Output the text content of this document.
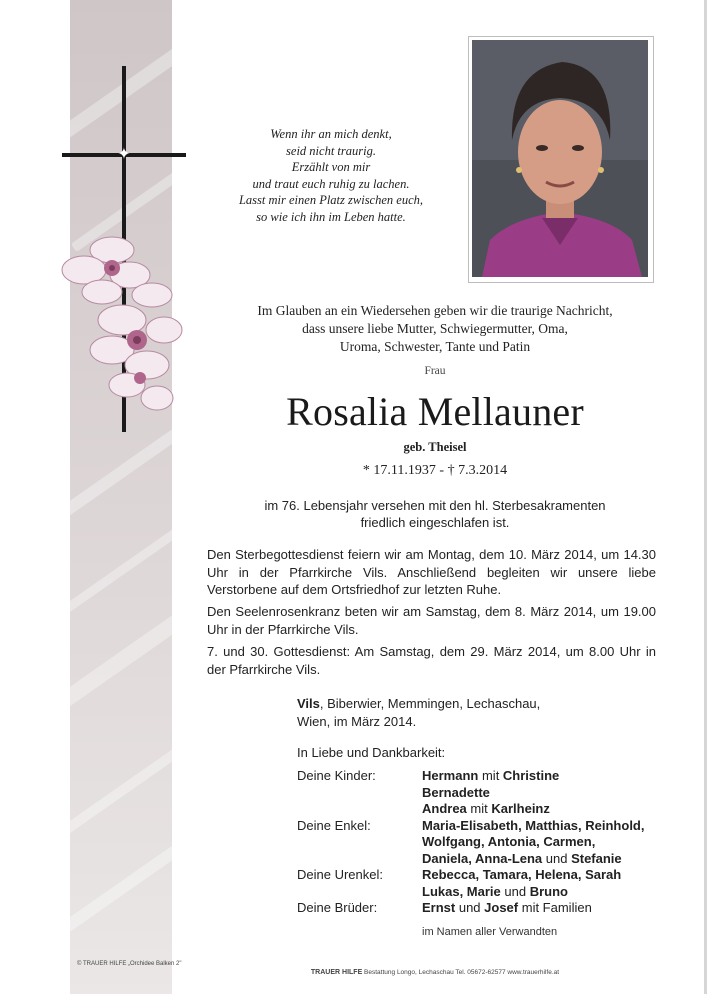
✦
Wenn ihr an mich denkt,
seid nicht traurig.
Erzählt von mir
und traut euch ruhig zu lachen.
Lasst mir einen Platz zwischen euch,
so wie ich ihn im Leben hatte.
Im Glauben an ein Wiedersehen geben wir die traurige Nachricht,
dass unsere liebe Mutter, Schwiegermutter, Oma,
Uroma, Schwester, Tante und Patin
Frau
Rosalia Mellauner
geb. Theisel
* 17.11.1937 - † 7.3.2014
im 76. Lebensjahr versehen mit den hl. Sterbesakramenten
friedlich eingeschlafen ist.
Den Sterbegottesdienst feiern wir am Montag, dem 10. März 2014, um 14.30 Uhr in der Pfarrkirche Vils. Anschließend begleiten wir unsere liebe Verstorbene auf dem Ortsfriedhof zur letzten Ruhe.
Den Seelenrosenkranz beten wir am Samstag, dem 8. März 2014, um 19.00 Uhr in der Pfarrkirche Vils.
7. und 30. Gottesdienst: Am Samstag, dem 29. März 2014, um 8.00 Uhr in der Pfarrkirche Vils.
Vils, Biberwier, Memmingen, Lechaschau,
Wien, im März 2014.
In Liebe und Dankbarkeit:
Deine Kinder:	Hermann mit Christine
Bernadette
Andrea mit Karlheinz
Deine Enkel:	Maria-Elisabeth, Matthias, Reinhold,
Wolfgang, Antonia, Carmen,
Daniela, Anna-Lena und Stefanie
Deine Urenkel:	Rebecca, Tamara, Helena, Sarah
Lukas, Marie und Bruno
Deine Brüder:	Ernst und Josef mit Familien
im Namen aller Verwandten
© TRAUER HILFE „Orchidee Balken 2"
TRAUER HILFE Bestattung Longo, Lechaschau Tel. 05672-62577 www.trauerhilfe.at
